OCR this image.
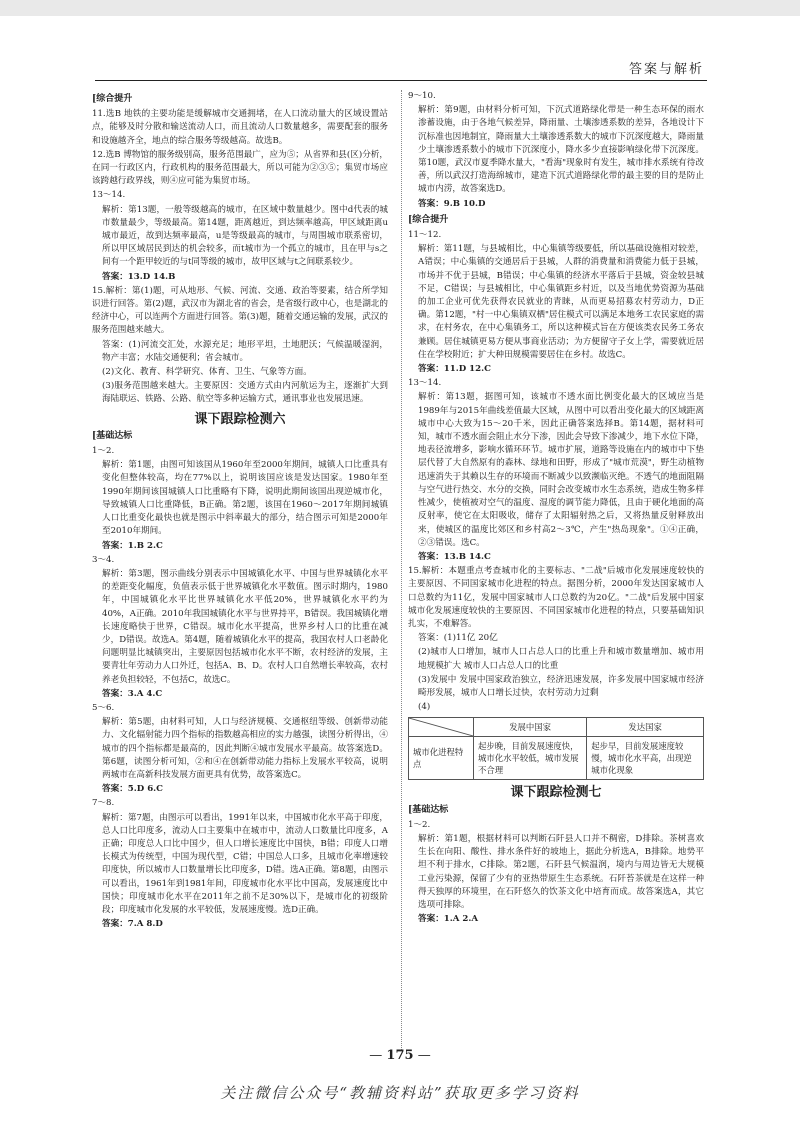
答案与解析
[ 综合提升

11.选B 地铁的主要功能是缓解城市交通拥堵，在人口流动量大的区域设置站点，能够及时分散和输送流动人口，而且流动人口数量越多，需要配套的服务和设施越齐全，地点的综合服务等级越高。故选B。

12.选B 博物馆的服务级别高，服务范围最广，应为⑤；从省界和县(区)分析，在同一行政区内，行政机构的服务范围最大，所以可能为②③⑤；集贸市场应该跨越行政界线，则④应可能为集贸市场。

13～14.

解析：第13题，一般等级越高的城市，在区域中数量越少。图中d代表的城市数量最少，等级最高。第14题，距离越近，到达频率越高，甲区域距离u城市最近，故到达频率最高，u是等级最高的城市，与周围城市联系密切，所以甲区域居民到达的机会较多，而t城市为一个孤立的城市，且在甲与s之间有一个距甲较近的与t同等级的城市，故甲区域与t之间联系较少。

答案：13.D 14.B

15.解析：第(1)题，可从地形、气候、河流、交通、政治等要素，结合所学知识进行回答。第(2)题，武汉市为湖北省的省会，是省级行政中心，也是湖北的经济中心，可以连两个方面进行回答。第(3)题，随着交通运输的发展，武汉的服务范围越来越大。

答案：(1)河流交汇处，水源充足；地形平坦，土地肥沃；气候温暖湿润，物产丰富；水陆交通便利；省会城市。

(2)文化、教育、科学研究、体育、卫生、气象等方面。

(3)服务范围越来越大。主要原因：交通方式由内河航运为主，逐渐扩大到海陆联运、铁路、公路、航空等多种运输方式，通讯事业也发展迅速。

课下跟踪检测六
[ 基础达标

1～2.

解析：第1题，由图可知该国从1960年至2000年期间，城镇人口比重具有变化但整体较高，均在77%以上，说明该国应该是发达国家。1980年至1990年期间该国城镇人口比重略有下降，说明此期间该国出现逆城市化，导致城镇人口比重降低，B正确。第2题，该国在1960～2017年期间城镇人口比重变化最快也就是图示中斜率最大的部分，结合图示可知是2000年至2010年期间。

答案：1.B 2.C

3～4.

解析：第3题，图示曲线分别表示中国城镇化水平、中国与世界城镇化水平的差距变化幅度，负值表示低于世界城镇化水平数值。图示时期内，1980年，中国城镇化水平比世界城镇化水平低20%，世界城镇化水平约为40%，A正确。2010年我国城镇化水平与世界持平，B错误。我国城镇化增长速度略快于世界，C错误。城市化水平提高，世界乡村人口的比重在减少，D错误。故选A。第4题，随着城镇化水平的提高，我国农村人口老龄化问题明显比城镇突出，主要原因包括城市化水平不断，农村经济的发展，主要青壮年劳动力人口外迁，包括A、B、D。农村人口自然增长率较高，农村养老负担较轻，不包括C，故选C。

答案：3.A 4.C

5～6.

解析：第5题，由材料可知，人口与经济规模、交通枢纽等级、创新带动能力、文化辐射能力四个指标的指数越高相应的实力越强，读图分析得出，④城市的四个指标都是最高的，因此判断④城市发展水平最高。故答案选D。第6题，读图分析可知，②和④在创新带动能力指标上发展水平较高，说明两城市在高新科技发展方面更具有优势，故答案选C。

答案：5.D 6.C

7～8.

解析：第7题，由图示可以看出，1991年以来，中国城市化水平高于印度，总人口比印度多，流动人口主要集中在城市中，流动人口数量比印度多，A正确；印度总人口比中国少，但人口增长速度比中国快，B错；印度人口增长模式为传统型，中国为现代型，C错；中国总人口多，且城市化率增速较印度快，所以城市人口数量增长比印度多，D错。选A正确。第8题，由图示可以看出，1961年到1981年间，印度城市化水平比中国高，发展速度比中国快；印度城市化水平在2011年之前不足30%以下，是城市化的初级阶段；印度城市化发展的水平较低，发展速度慢。选D正确。

答案：7.A 8.D

9～10.

解析：第9题，由材料分析可知，下沉式道路绿化带是一种生态环保的雨水渗蓄设施，由于各地气候差异，降雨量、土壤渗透系数的差异，各地设计下沉标准也因地制宜，降雨量大土壤渗透系数大的城市下沉深度越大，降雨量少土壤渗透系数小的城市下沉深度小，降水多少直接影响绿化带下沉深度。第10题，武汉市夏季降水量大，"看海"现象时有发生，城市排水系统有待改善，所以武汉打造海绵城市，建造下沉式道路绿化带的最主要的目的是防止城市内涝，故答案选D。

答案：9.B 10.D

[ 综合提升

11～12.

解析：第11题，与县城相比，中心集镇等级要低，所以基础设施相对较差，A错误；中心集镇的交通居后于县城，人群的消费量和消费能力低于县城，市场并不优于县城，B错误；中心集镇的经济水平落后于县城，资金较县城不足，C错误；与县城相比，中心集镇距乡村近，以及当地优势资源为基础的加工企业可优先获得农民就业的青睐，从而更易招募农村劳动力，D正确。第12题，"村一中心集镇双栖"居住模式可以满足本地务工农民家庭的需求，在村务农，在中心集镇务工，所以这种模式旨在方便该类农民务工务农兼顾。居住城镇更易方便从事商业活动；为方便留守子女上学，需要就近居住在学校附近；扩大种田规模需要居住在乡村。故选C。

答案：11.D 12.C

13～14.

解析：第13题，据图可知，该城市不透水面比例变化最大的区域应当是1989年与2015年曲线差值最大区域，从图中可以看出变化最大的区域距离城市中心大致为15～20千米，因此正确答案选择B。第14题，据材料可知，城市不透水面会阻止水分下渗，因此会导致下渗减少，地下水位下降，地表径流增多，影响水循环环节。城市扩展，道路等设施在内的城市中下垫层代替了大自然原有的森林、绿地和田野，形成了"城市荒漠"，野生动植物迅速消失于其赖以生存的环境而不断减少以致濒临灭绝。不透气的地面阻隔与空气进行热交、水分的交换，同时会改变城市水生态系统，造成生物多样性减少，使植被对空气的温度、湿度的调节能力降低，且由于硬化地面的高反射率，使它在太阳吸收，储存了太阳辐射热之后，又将热量反射释放出来，使城区的温度比郊区和乡村高2～3℃，产生"热岛现象"。①④正确，②③错误。选C。

答案：13.B 14.C

15.解析：本题重点考查城市化的主要标志、"二战"后城市化发展速度较快的主要原因、不同国家城市化进程的特点。据图分析，2000年发达国家城市人口总数约为11亿，发展中国家城市人口总数约为20亿。"二战"后发展中国家城市化发展速度较快的主要原因、不同国家城市化进程的特点，只要基础知识扎实，不难解答。

答案：(1)11亿 20亿

(2)城市人口增加，城市人口占总人口的比重上升和城市数量增加、城市用地规模扩大 城市人口占总人口的比重

(3)发展中 发展中国家政治独立，经济迅速发展，许多发展中国家城市经济畸形发展，城市人口增长过快，农村劳动力过剩

(4)

	发展中国家	发达国家
城市化进程特点	起步晚，目前发展速度快，城市化水平较低，城市发展不合理	起步早，目前发展速度较慢，城市化水平高，出现逆城市化现象
课下跟踪检测七
[ 基础达标

1～2.

解析：第1题，根据材料可以判断石阡县人口并不稠密，D排除。茶树喜欢生长在向阳、酸性、排水条件好的坡地上，据此分析选A，B排除。地势平坦不利于排水，C排除。第2题，石阡县气候温润，境内与周边皆无大规模工业污染源，保留了少有的亚热带原生生态系统。石阡苔茶就是在这样一种得天独厚的环境里，在石阡悠久的饮茶文化中培育而成。故答案选A，其它选项可排除。

答案：1.A 2.A

— 175 —
关注微信公众号“教辅资料站”获取更多学习资料
